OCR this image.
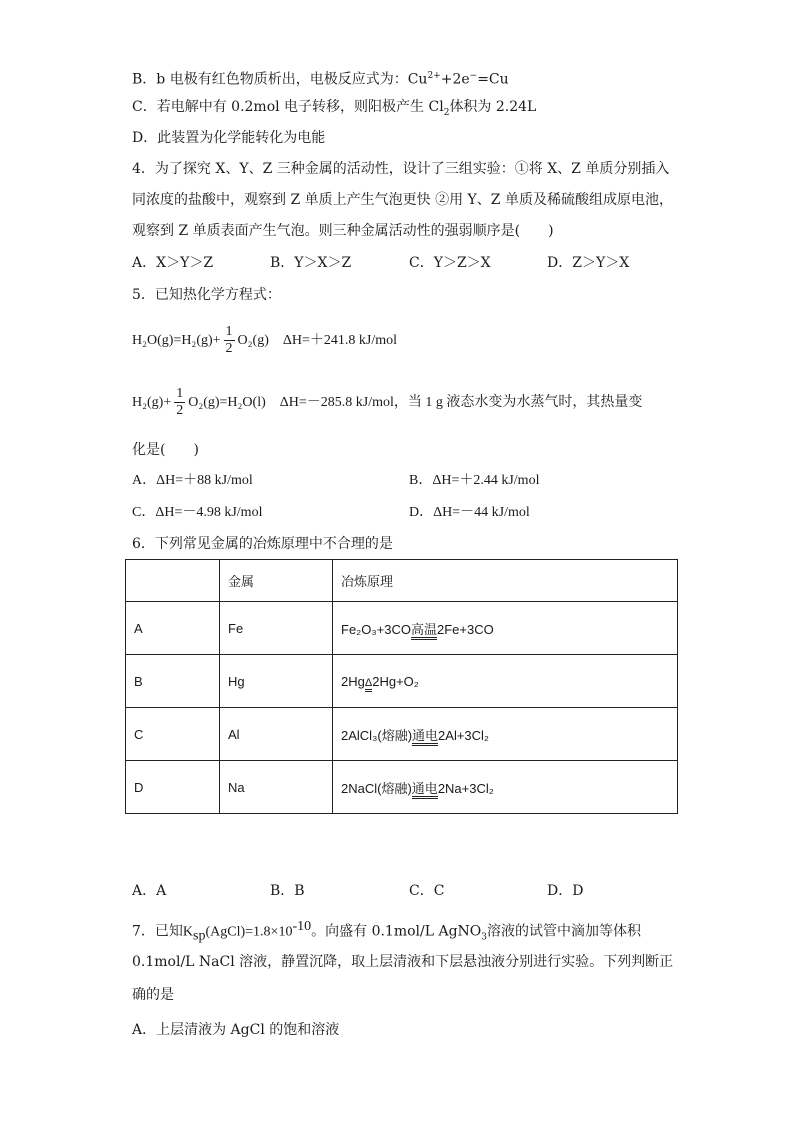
B．b 电极有红色物质析出，电极反应式为：$Cu^{2+}+2e^-=Cu$
C．若电解中有 0.2mol 电子转移，则阳极产生 $Cl_2$体积为 2.24L
D．此装置为化学能转化为电能
4．为了探究 X、Y、Z 三种金属的活动性，设计了三组实验：①将 X、Z 单质分别插入
同浓度的盐酸中，观察到 Z 单质上产生气泡更快 ②用 Y、Z 单质及稀硫酸组成原电池，
观察到 Z 单质表面产生气泡。则三种金属活动性的强弱顺序是(　　)
A．X＞Y＞Z	B．Y＞X＞Z	C．Y＞Z＞X	D．Z＞Y＞X
5．已知热化学方程式：
$H_2O(g)=H_2(g)+ \frac{1}{2} O_2(g)$　ΔH=＋241.8 kJ/mol
$H_2(g)+ \frac{1}{2} O_2(g)=H_2O(l)$　ΔH=－285.8 kJ/mol，当 1 g 液态水变为水蒸气时，其热量变
化是(　　)
A．ΔH=＋88 kJ/mol	B．ΔH=＋2.44 kJ/mol
C．ΔH=－4.98 kJ/mol	D．ΔH=－44 kJ/mol
6．下列常见金属的冶炼原理中不合理的是
	金属	冶炼原理
A	Fe	Fe₂O₃+3CO高温2Fe+3CO
B	Hg	2HgΔ2Hg+O₂
C	Al	2AlCl₃(熔融)通电2Al+3Cl₂
D	Na	2NaCl(熔融)通电2Na+3Cl₂
A．A	B．B	C．C	D．D
7．已知$K_{sp}(AgCl)=1.8\times 10^{-10}$。向盛有 0.1mol/L AgNO$_3$溶液的试管中滴加等体积
0.1mol/L NaCl 溶液，静置沉降，取上层清液和下层悬浊液分别进行实验。下列判断正
确的是
A．上层清液为 AgCl 的饱和溶液
